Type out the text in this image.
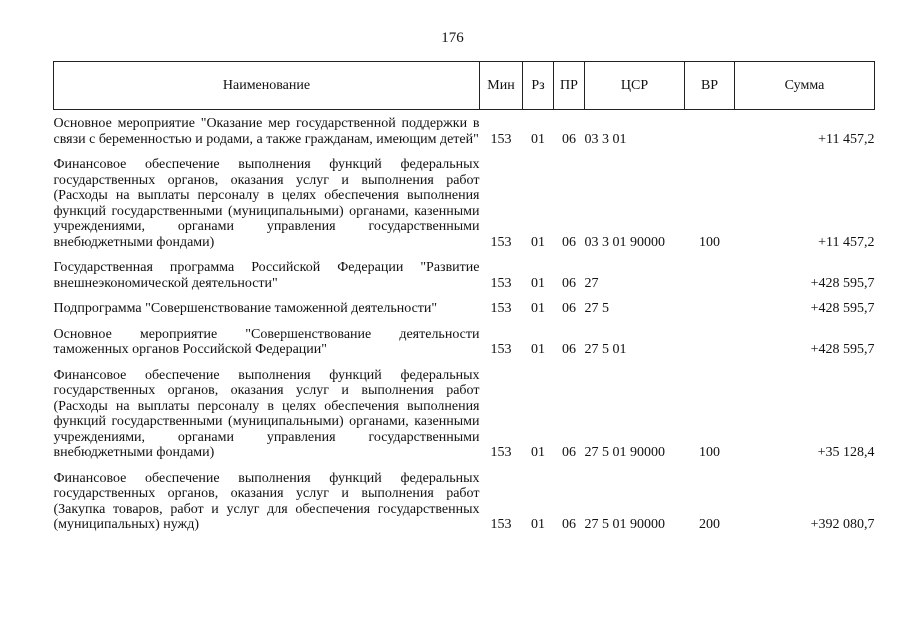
176
Наименование	Мин	Рз	ПР	ЦСР	ВР	Сумма
Основное мероприятие "Оказание мер государственной поддержки в связи с беременностью и родами, а также гражданам, имеющим детей"	153	01	06	03 3 01		+11 457,2
Финансовое обеспечение выполнения функций федеральных государственных органов, оказания услуг и выполнения работ (Расходы на выплаты персоналу в целях обеспечения выполнения функций государственными (муниципальными) органами, казенными учреждениями, органами управления государственными внебюджетными фондами)	153	01	06	03 3 01 90000	100	+11 457,2
Государственная программа Российской Федерации "Развитие внешнеэкономической деятельности"	153	01	06	27		+428 595,7
Подпрограмма "Совершенствование таможенной деятельности"	153	01	06	27 5		+428 595,7
Основное мероприятие "Совершенствование деятельности таможенных органов Российской Федерации"	153	01	06	27 5 01		+428 595,7
Финансовое обеспечение выполнения функций федеральных государственных органов, оказания услуг и выполнения работ (Расходы на выплаты персоналу в целях обеспечения выполнения функций государственными (муниципальными) органами, казенными учреждениями, органами управления государственными внебюджетными фондами)	153	01	06	27 5 01 90000	100	+35 128,4
Финансовое обеспечение выполнения функций федеральных государственных органов, оказания услуг и выполнения работ (Закупка товаров, работ и услуг для обеспечения государственных (муниципальных) нужд)	153	01	06	27 5 01 90000	200	+392 080,7
